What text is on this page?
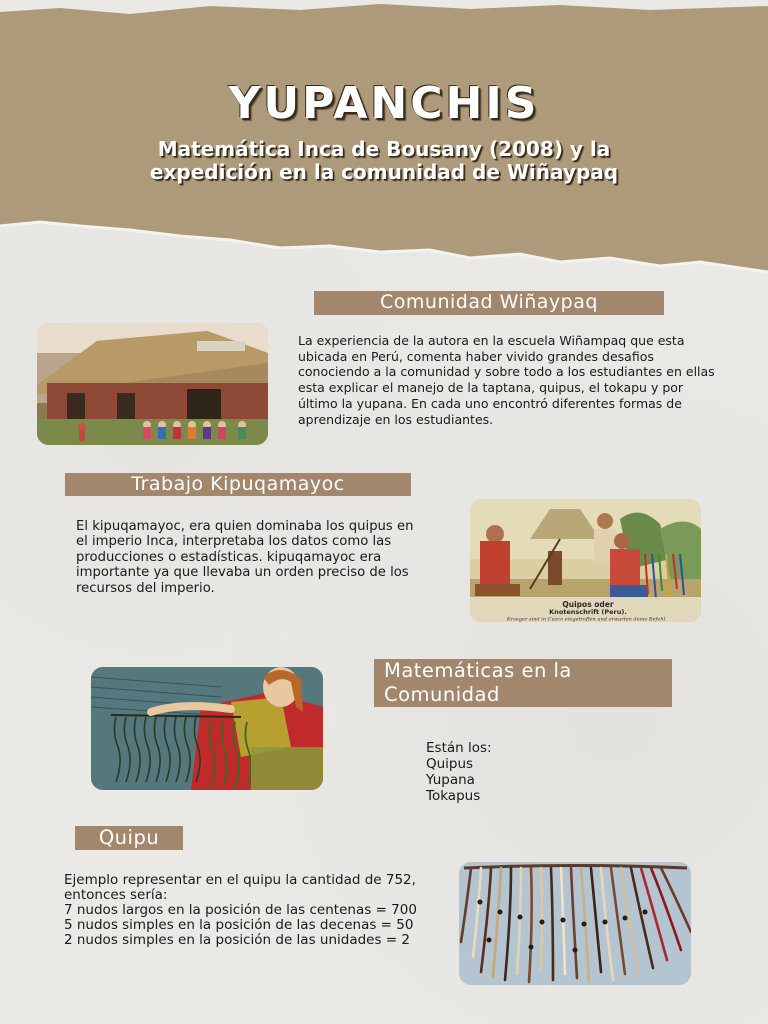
YUPANCHIS
Matemática Inca de Bousany (2008) y la expedición en la comunidad de Wiñaypaq
Comunidad Wiñaypaq

La experiencia de la autora en la escuela Wiñampaq que esta ubicada en Perú, comenta haber vivido grandes desafios conociendo a la comunidad y sobre todo a los estudiantes en ellas esta explicar el manejo de la taptana, quipus, el tokapu y por último la yupana. En cada uno encontró diferentes formas de aprendizaje en los estudiantes.

Trabajo Kipuqamayoc

El kipuqamayoc, era quien dominaba los quipus en el imperio Inca, interpretaba los datos como las producciones o estadísticas. kipuqamayoc era importante ya que llevaba un orden preciso de los recursos del imperio.

Quipos oder
Knotenschrift (Peru).
Kroeger sind in Cuzco eingetroffen und erwarten deine Befehl
Matemáticas en la
Comunidad
Están los:
Quipus
Yupana
Tokapus
Quipu

Ejemplo representar en el quipu la cantidad de 752, entonces sería:
7 nudos largos en la posición de las centenas = 700
5 nudos simples en la posición de las decenas = 50
2 nudos simples en la posición de las unidades = 2
